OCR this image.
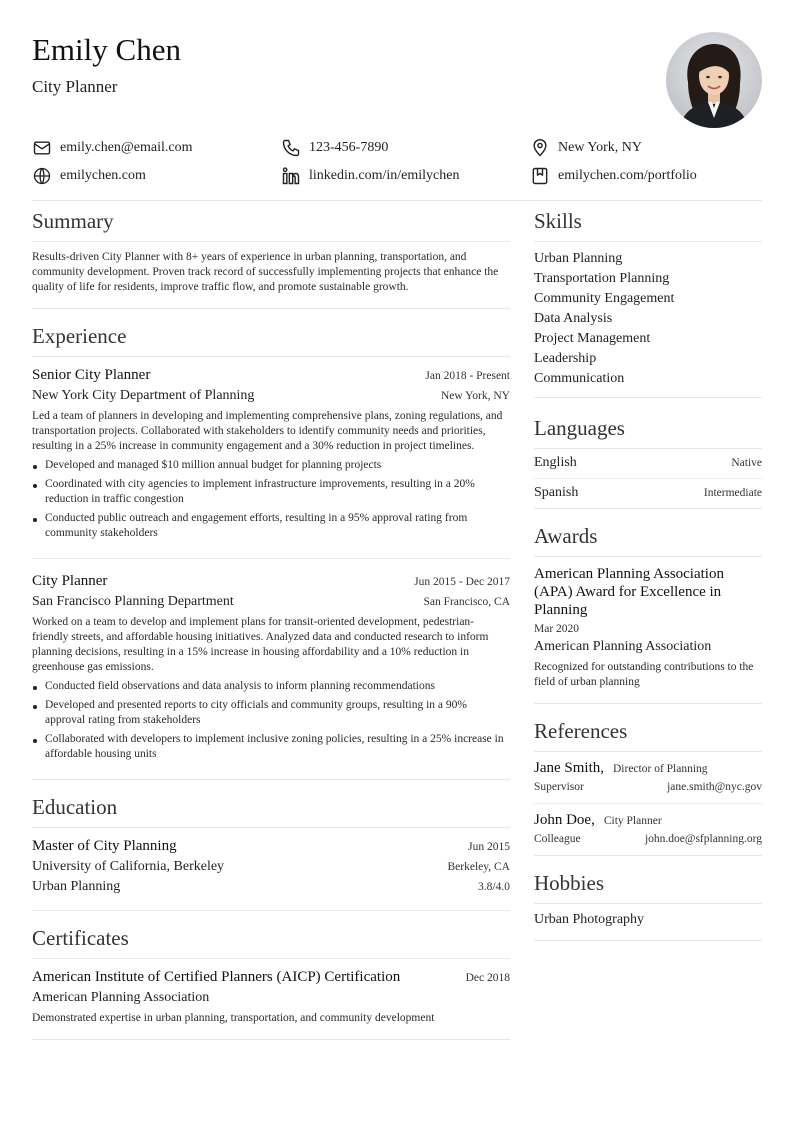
Emily Chen
City Planner
emily.chen@email.com	123-456-7890	New York, NY
emilychen.com	linkedin.com/in/emilychen	emilychen.com/portfolio
Summary
Results-driven City Planner with 8+ years of experience in urban planning, transportation, and community development. Proven track record of successfully implementing projects that enhance the quality of life for residents, improve traffic flow, and promote sustainable growth.
Experience
Senior City Planner	Jan 2018 - Present
New York City Department of Planning	New York, NY
Led a team of planners in developing and implementing comprehensive plans, zoning regulations, and transportation projects. Collaborated with stakeholders to identify community needs and priorities, resulting in a 25% increase in community engagement and a 30% reduction in project timelines.
Developed and managed $10 million annual budget for planning projects
Coordinated with city agencies to implement infrastructure improvements, resulting in a 20% reduction in traffic congestion
Conducted public outreach and engagement efforts, resulting in a 95% approval rating from community stakeholders
City Planner	Jun 2015 - Dec 2017
San Francisco Planning Department	San Francisco, CA
Worked on a team to develop and implement plans for transit-oriented development, pedestrian-friendly streets, and affordable housing initiatives. Analyzed data and conducted research to inform planning decisions, resulting in a 15% increase in housing affordability and a 10% reduction in greenhouse gas emissions.
Conducted field observations and data analysis to inform planning recommendations
Developed and presented reports to city officials and community groups, resulting in a 90% approval rating from stakeholders
Collaborated with developers to implement inclusive zoning policies, resulting in a 25% increase in affordable housing units
Education
Master of City Planning	Jun 2015
University of California, Berkeley	Berkeley, CA
Urban Planning	3.8/4.0
Certificates
American Institute of Certified Planners (AICP) Certification	Dec 2018
American Planning Association
Demonstrated expertise in urban planning, transportation, and community development
Skills
Urban Planning
Transportation Planning
Community Engagement
Data Analysis
Project Management
Leadership
Communication
Languages
English	Native
Spanish	Intermediate
Awards
American Planning Association (APA) Award for Excellence in Planning
Mar 2020
American Planning Association
Recognized for outstanding contributions to the field of urban planning
References
Jane Smith, Director of Planning
Supervisor	jane.smith@nyc.gov
John Doe, City Planner
Colleague	john.doe@sfplanning.org
Hobbies
Urban Photography
